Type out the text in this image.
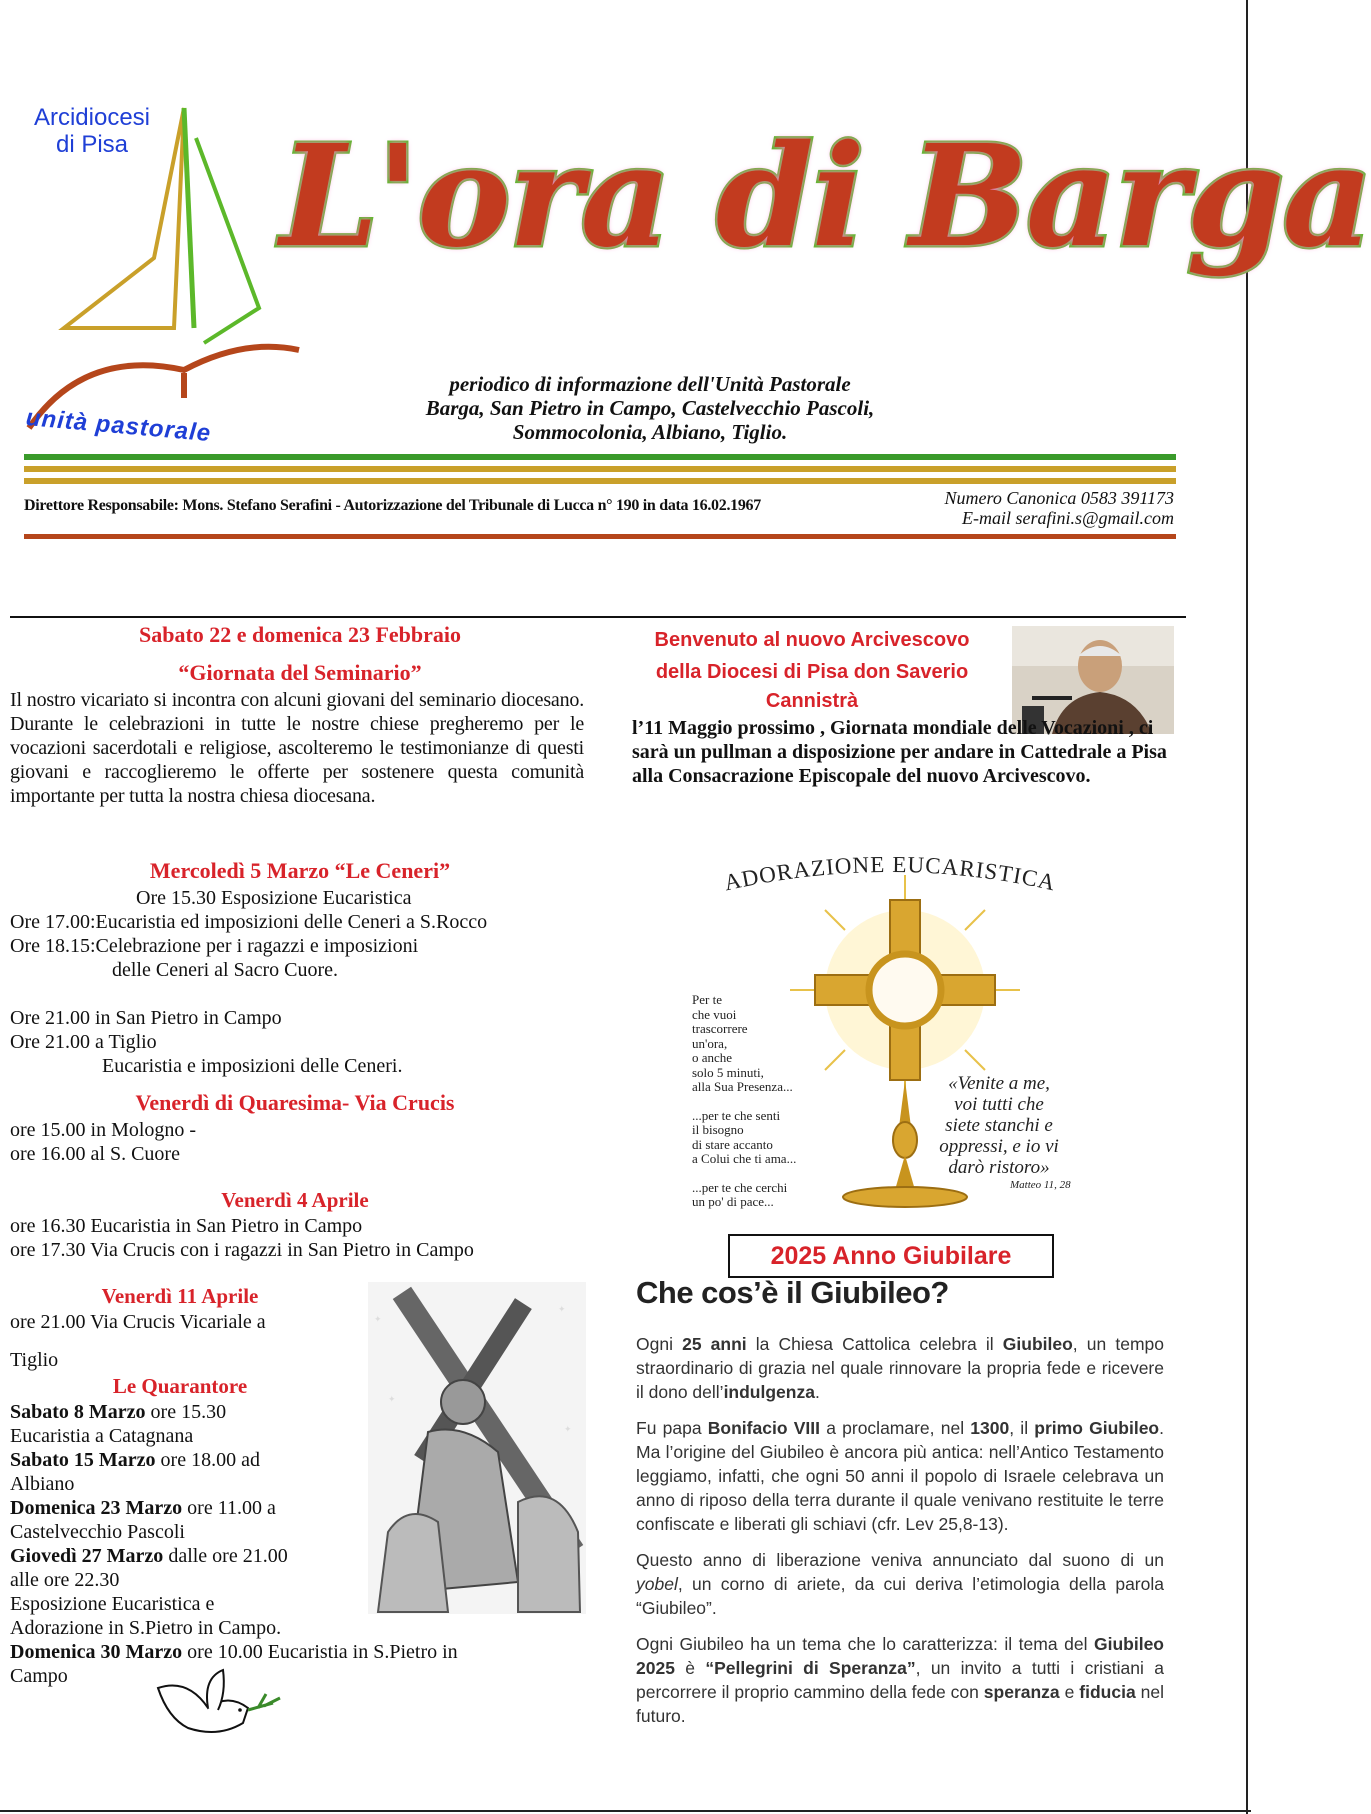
Arcidiocesi di Pisa
unità pastorale
L'ora di Barga
periodico di informazione dell'Unità Pastorale
Barga, San Pietro in Campo, Castelvecchio Pascoli,
Sommocolonia, Albiano, Tiglio.
Direttore Responsabile: Mons. Stefano Serafini - Autorizzazione del Tribunale di Lucca n° 190 in data 16.02.1967	Numero Canonica 0583 391173
E-mail serafini.s@gmail.com

Sabato 22 e domenica 23 Febbraio

“Giornata del Seminario”

Il nostro vicariato si incontra con alcuni giovani del seminario diocesano. Durante le celebrazioni in tutte le nostre chiese pregheremo per le vocazioni sacerdotali e religiose, ascolteremo le testimonianze di questi giovani e raccoglieremo le offerte per sostenere questa comunità importante per tutta la nostra chiesa diocesana.

Mercoledì 5 Marzo “Le Ceneri”

Ore 15.30 Esposizione Eucaristica

Ore 17.00:Eucaristia ed imposizioni delle Ceneri a S.Rocco

Ore 18.15:Celebrazione per i ragazzi e imposizioni

delle Ceneri al Sacro Cuore.

Ore 21.00 in San Pietro in Campo

Ore 21.00 a Tiglio

Eucaristia e imposizioni delle Ceneri.

Venerdì di Quaresima- Via Crucis

ore 15.00 in Mologno -

ore 16.00 al S. Cuore

Venerdì 4 Aprile

ore 16.30 Eucaristia in San Pietro in Campo

ore 17.30 Via Crucis con i ragazzi in San Pietro in Campo

Venerdì 11 Aprile

ore 21.00 Via Crucis Vicariale a

Tiglio

✦
✦
✦
✦

Le Quarantore

Sabato 8 Marzo ore 15.30

Eucaristia a Catagnana

Sabato 15 Marzo ore 18.00 ad

Albiano

Domenica 23 Marzo ore 11.00 a

Castelvecchio Pascoli

Giovedì 27 Marzo dalle ore 21.00

alle ore 22.30

Esposizione Eucaristica e

Adorazione in S.Pietro in Campo.

Domenica 30 Marzo ore 10.00 Eucaristia in S.Pietro in

Campo

Benvenuto al nuovo Arcivescovo
della Diocesi di Pisa don Saverio
Cannistrà
l’11 Maggio prossimo , Giornata mondiale delle Vocazioni , ci sarà un pullman a disposizione per andare in Cattedrale a Pisa alla Consacrazione Episcopale del nuovo Arcivescovo.
ADORAZIONE EUCARISTICA
Per te
che vuoi
trascorrere
un'ora,
o anche
solo 5 minuti,
alla Sua Presenza...
...per te che senti
il bisogno
di stare accanto
a Colui che ti ama...
...per te che cerchi
un po' di pace...
«Venite a me,
voi tutti che
siete stanchi e
oppressi, e io vi
darò ristoro»
Matteo 11, 28
2025 Anno Giubilare
Che cos’è il Giubileo?

Ogni 25 anni la Chiesa Cattolica celebra il Giubileo, un tempo straordinario di grazia nel quale rinnovare la propria fede e ricevere il dono dell’indulgenza.

Fu papa Bonifacio VIII a proclamare, nel 1300, il primo Giubileo. Ma l’origine del Giubileo è ancora più antica: nell’Antico Testamento leggiamo, infatti, che ogni 50 anni il popolo di Israele celebrava un anno di riposo della terra durante il quale venivano restituite le terre confiscate e liberati gli schiavi (cfr. Lev 25,8-13).

Questo anno di liberazione veniva annunciato dal suono di un yobel, un corno di ariete, da cui deriva l’etimologia della parola “Giubileo”.

Ogni Giubileo ha un tema che lo caratterizza: il tema del Giubileo 2025 è “Pellegrini di Speranza”, un invito a tutti i cristiani a percorrere il proprio cammino della fede con speranza e fiducia nel futuro.
